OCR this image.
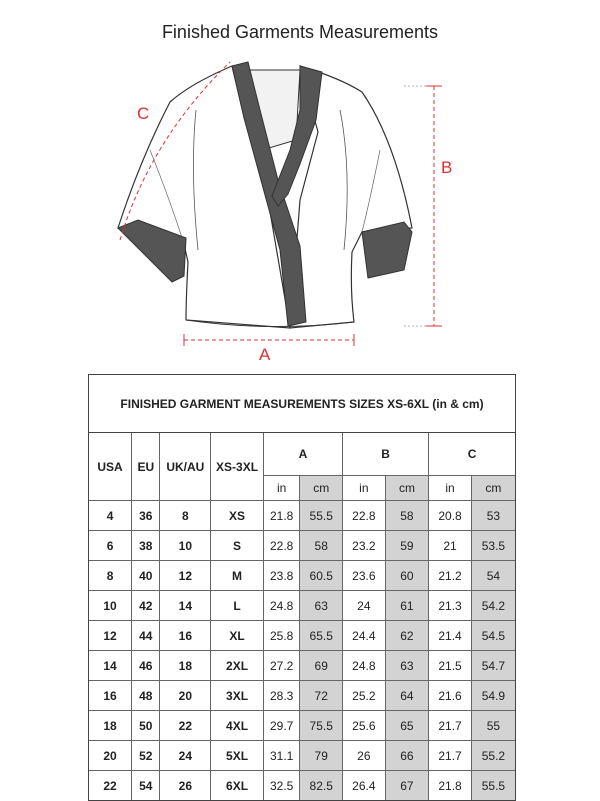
Finished Garments Measurements
C
B
A
FINISHED GARMENT MEASUREMENTS SIZES XS-6XL (in & cm)
USA	EU	UK/AU	XS-3XL	A		B		C	
				in	cm	in	cm	in	cm
4	36	8	XS	21.8	55.5	22.8	58	20.8	53
6	38	10	S	22.8	58	23.2	59	21	53.5
8	40	12	M	23.8	60.5	23.6	60	21.2	54
10	42	14	L	24.8	63	24	61	21.3	54.2
12	44	16	XL	25.8	65.5	24.4	62	21.4	54.5
14	46	18	2XL	27.2	69	24.8	63	21.5	54.7
16	48	20	3XL	28.3	72	25.2	64	21.6	54.9
18	50	22	4XL	29.7	75.5	25.6	65	21.7	55
20	52	24	5XL	31.1	79	26	66	21.7	55.2
22	54	26	6XL	32.5	82.5	26.4	67	21.8	55.5
